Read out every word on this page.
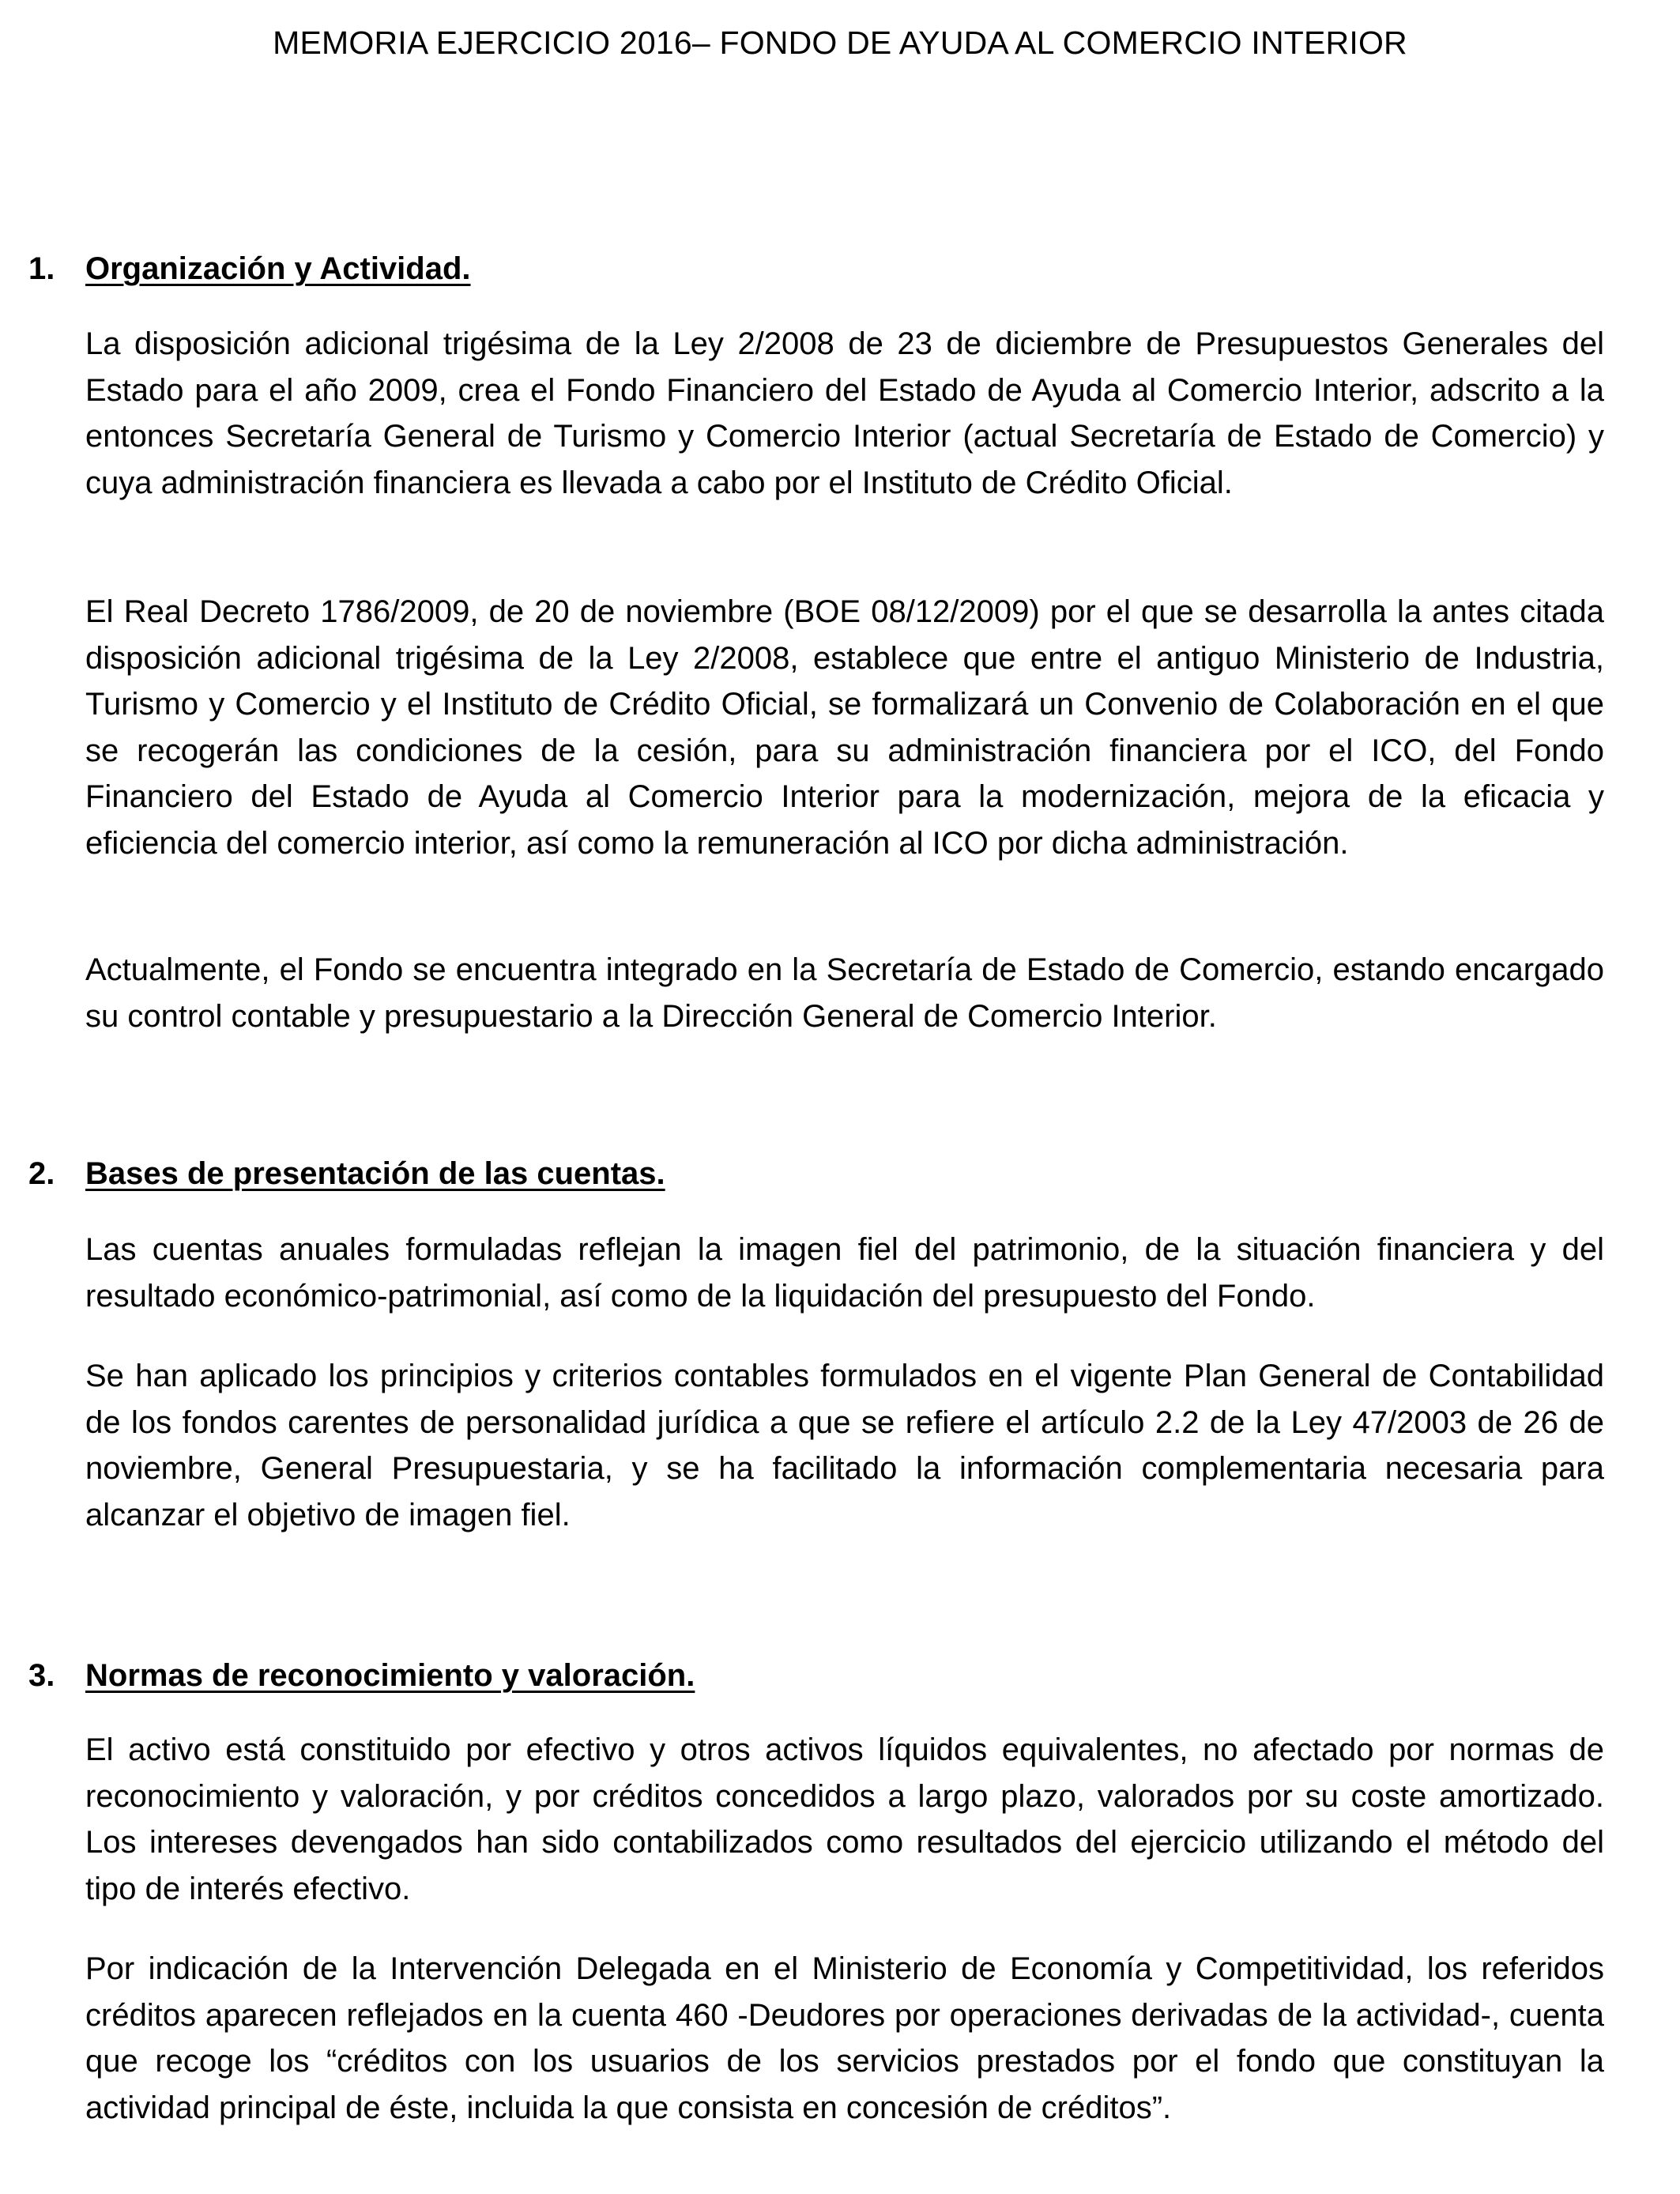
MEMORIA EJERCICIO 2016– FONDO DE AYUDA AL COMERCIO INTERIOR
1. Organización y Actividad.

La disposición adicional trigésima de la Ley 2/2008 de 23 de diciembre de Presupuestos Generales del Estado para el año 2009, crea el Fondo Financiero del Estado de Ayuda al Comercio Interior, adscrito a la entonces Secretaría General de Turismo y Comercio Interior (actual Secretaría de Estado de Comercio) y cuya administración financiera es llevada a cabo por el Instituto de Crédito Oficial.

El Real Decreto 1786/2009, de 20 de noviembre (BOE 08/12/2009) por el que se desarrolla la antes citada disposición adicional trigésima de la Ley 2/2008, establece que entre el antiguo Ministerio de Industria, Turismo y Comercio y el Instituto de Crédito Oficial, se formalizará un Convenio de Colaboración en el que se recogerán las condiciones de la cesión, para su administración financiera por el ICO, del Fondo Financiero del Estado de Ayuda al Comercio Interior para la modernización, mejora de la eficacia y eficiencia del comercio interior, así como la remuneración al ICO por dicha administración.

Actualmente, el Fondo se encuentra integrado en la Secretaría de Estado de Comercio, estando encargado su control contable y presupuestario a la Dirección General de Comercio Interior.

2. Bases de presentación de las cuentas.

Las cuentas anuales formuladas reflejan la imagen fiel del patrimonio, de la situación financiera y del resultado económico-patrimonial, así como de la liquidación del presupuesto del Fondo.

Se han aplicado los principios y criterios contables formulados en el vigente Plan General de Contabilidad de los fondos carentes de personalidad jurídica a que se refiere el artículo 2.2 de la Ley 47/2003 de 26 de noviembre, General Presupuestaria, y se ha facilitado la información complementaria necesaria para alcanzar el objetivo de imagen fiel.

3. Normas de reconocimiento y valoración.

El activo está constituido por efectivo y otros activos líquidos equivalentes, no afectado por normas de reconocimiento y valoración, y por créditos concedidos a largo plazo, valorados por su coste amortizado. Los intereses devengados han sido contabilizados como resultados del ejercicio utilizando el método del tipo de interés efectivo.

Por indicación de la Intervención Delegada en el Ministerio de Economía y Competitividad, los referidos créditos aparecen reflejados en la cuenta 460 -Deudores por operaciones derivadas de la actividad-, cuenta que recoge los “créditos con los usuarios de los servicios prestados por el fondo que constituyan la actividad principal de éste, incluida la que consista en concesión de créditos”.
